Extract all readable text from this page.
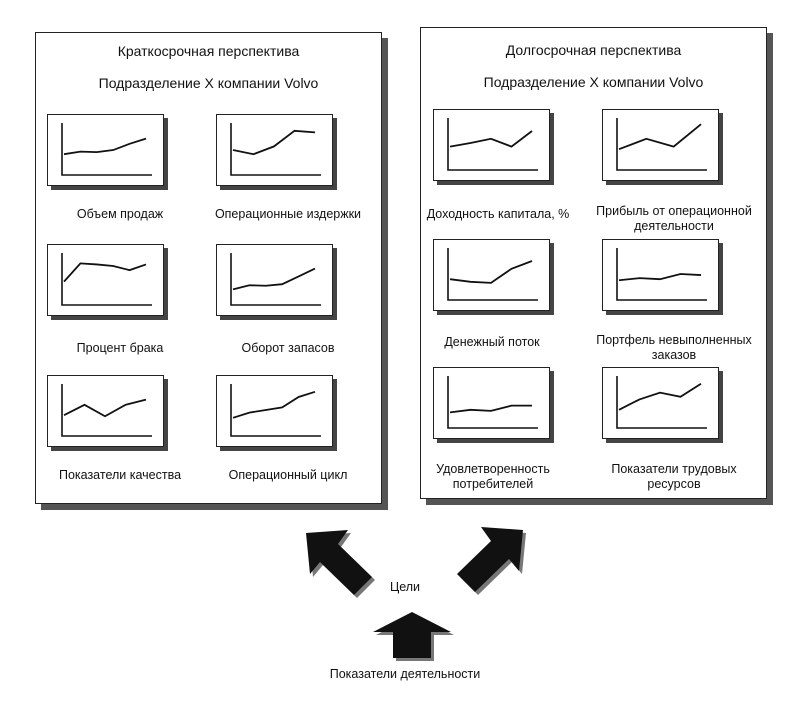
Краткосрочная перспектива
Подразделение X компании Volvo
Долгосрочная перспектива
Подразделение X компании Volvo
Объем продаж	Операционные издержки
Процент брака	Оборот запасов
Показатели качества	Операционный цикл
Доходность капитала, %	Прибыль от операционной деятельности
Денежный поток	Портфель невыполненных заказов
Удовлетворенность потребителей
Показатели трудовых ресурсов
Цели
Показатели деятельности
